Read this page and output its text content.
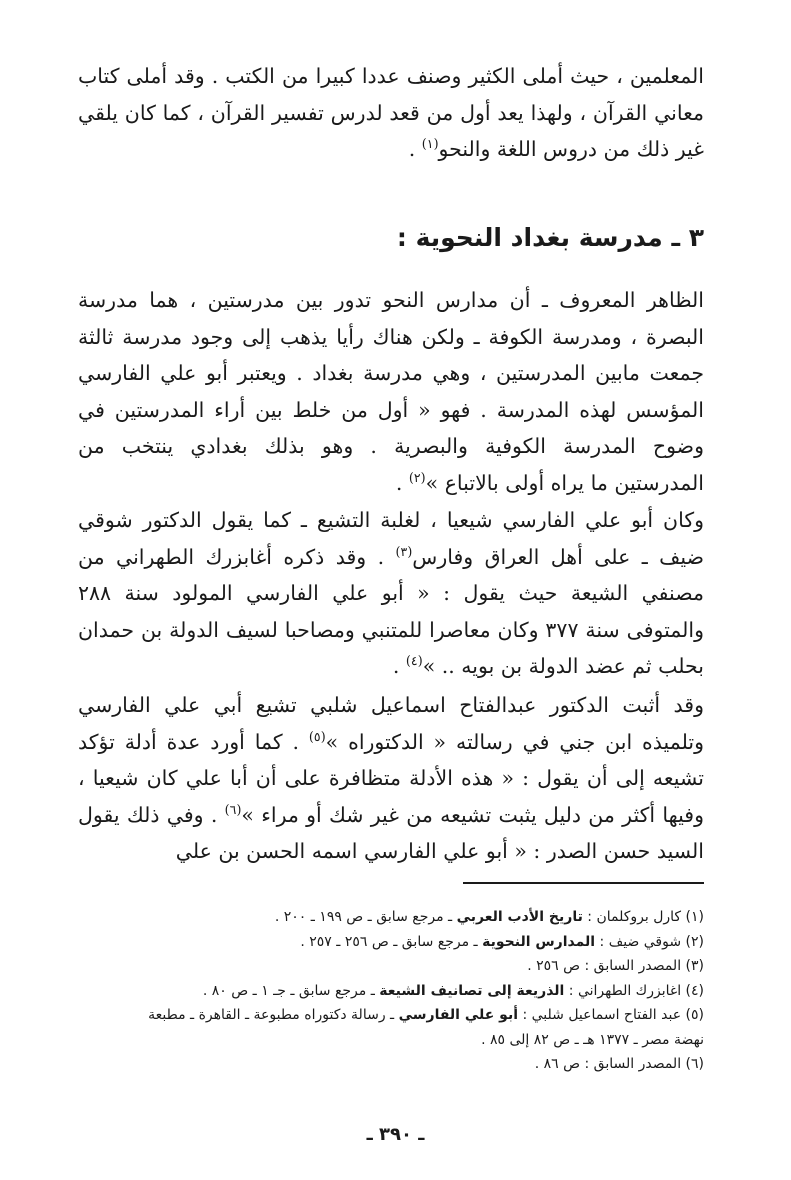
المعلمين ، حيث أملى الكثير وصنف عددا كبيرا من الكتب . وقد أملى كتاب معاني القرآن ، ولهذا يعد أول من قعد لدرس تفسير القرآن ، كما كان يلقي غير ذلك من دروس اللغة والنحو$^{(١)}$ .

٣ ـ مدرسة بغداد النحوية :

الظاهر المعروف ـ أن مدارس النحو تدور بين مدرستين ، هما مدرسة البصرة ، ومدرسة الكوفة ـ ولكن هناك رأيا يذهب إلى وجود مدرسة ثالثة جمعت مابين المدرستين ، وهي مدرسة بغداد . ويعتبر أبو علي الفارسي المؤسس لهذه المدرسة . فهو « أول من خلط بين أراء المدرستين في وضوح المدرسة الكوفية والبصرية . وهو بذلك بغدادي ينتخب من المدرستين ما يراه أولى بالاتباع »$^{(٢)}$ .

وكان أبو علي الفارسي شيعيا ، لغلبة التشيع ـ كما يقول الدكتور شوقي ضيف ـ على أهل العراق وفارس$^{(٣)}$ . وقد ذكره أغابزرك الطهراني من مصنفي الشيعة حيث يقول : « أبو علي الفارسي المولود سنة ٢٨٨ والمتوفى سنة ٣٧٧ وكان معاصرا للمتنبي ومصاحبا لسيف الدولة بن حمدان بحلب ثم عضد الدولة بن بويه .. »$^{(٤)}$ .

وقد أثبت الدكتور عبدالفتاح اسماعيل شلبي تشيع أبي علي الفارسي وتلميذه ابن جني في رسالته « الدكتوراه »$^{(٥)}$ . كما أورد عدة أدلة تؤكد تشيعه إلى أن يقول : « هذه الأدلة متظافرة على أن أبا علي كان شيعيا ، وفيها أكثر من دليل يثبت تشيعه من غير شك أو مراء »$^{(٦)}$ . وفي ذلك يقول السيد حسن الصدر : « أبو علي الفارسي اسمه الحسن بن علي

(١) كارل بروكلمان : تاريخ الأدب العربي ـ مرجع سابق ـ ص ١٩٩ ـ ٢٠٠ .
(٢) شوقي ضيف : المدارس النحوية ـ مرجع سابق ـ ص ٢٥٦ ـ ٢٥٧ .
(٣) المصدر السابق : ص ٢٥٦ .
(٤) اغابزرك الطهراني : الذريعة إلى تصانيف الشيعة ـ مرجع سابق ـ جـ ١ ـ ص ٨٠ .
(٥) عبد الفتاح اسماعيل شلبي : أبو علي الفارسي ـ رسالة دكتوراه مطبوعة ـ القاهرة ـ مطبعة نهضة مصر ـ ١٣٧٧ هـ ـ ص ٨٢ إلى ٨٥ .
(٦) المصدر السابق : ص ٨٦ .
ـ ٣٩٠ ـ
